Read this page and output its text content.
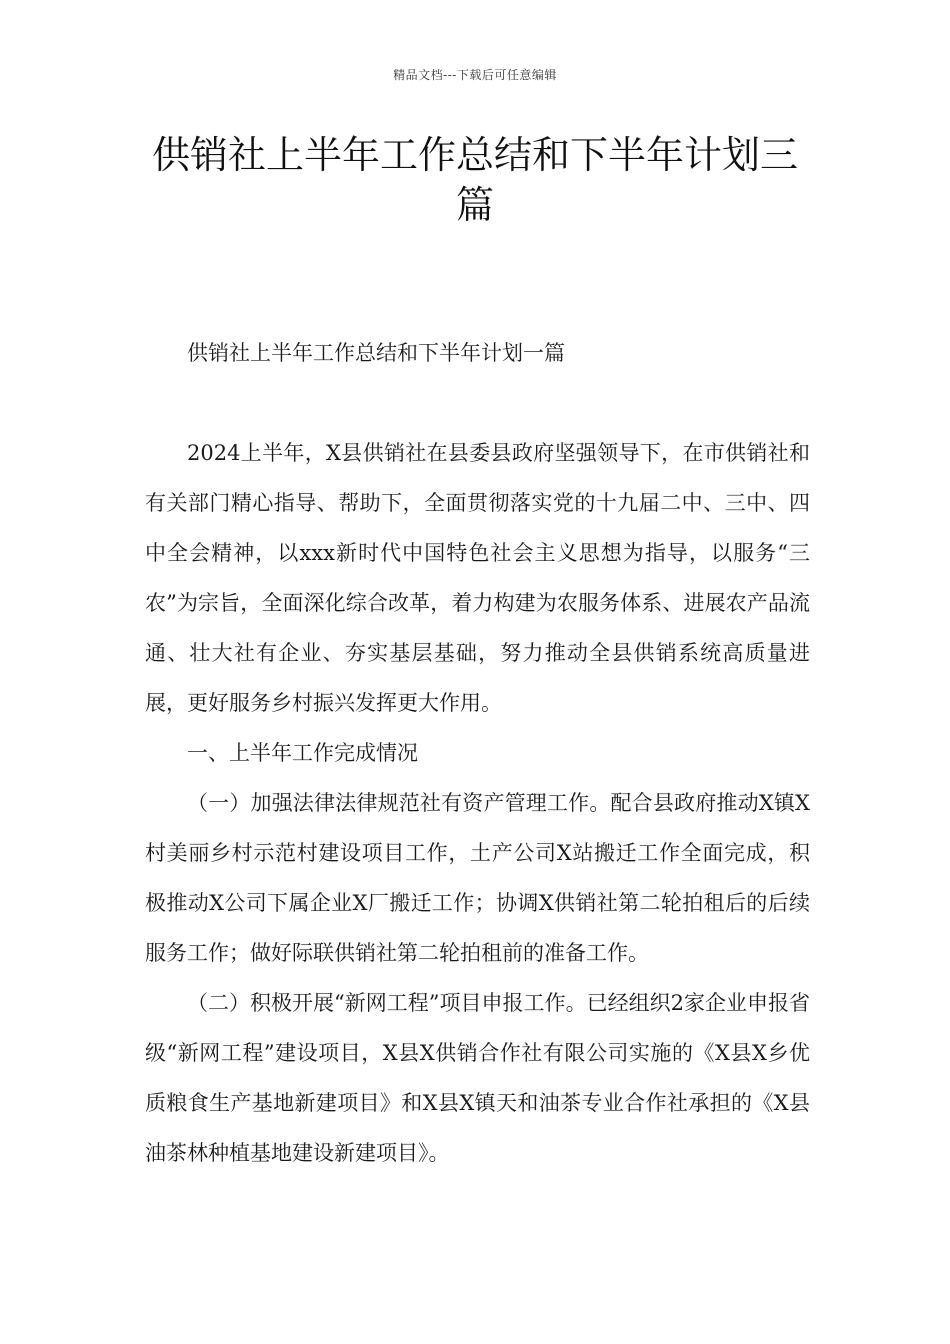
精品文档---下载后可任意编辑
供销社上半年工作总结和下半年计划三篇

供销社上半年工作总结和下半年计划一篇

2024上半年，X县供销社在县委县政府坚强领导下，在市供销社和有关部门精心指导、帮助下，全面贯彻落实党的十九届二中、三中、四中全会精神，以xxx新时代中国特色社会主义思想为指导，以服务“三农”为宗旨，全面深化综合改革，着力构建为农服务体系、进展农产品流通、壮大社有企业、夯实基层基础，努力推动全县供销系统高质量进展，更好服务乡村振兴发挥更大作用。

一、上半年工作完成情况

（一）加强法律法律规范社有资产管理工作。配合县政府推动X镇X村美丽乡村示范村建设项目工作，土产公司X站搬迁工作全面完成，积极推动X公司下属企业X厂搬迁工作；协调X供销社第二轮拍租后的后续服务工作；做好际联供销社第二轮拍租前的准备工作。

（二）积极开展“新网工程”项目申报工作。已经组织2家企业申报省级“新网工程”建设项目，X县X供销合作社有限公司实施的《X县X乡优质粮食生产基地新建项目》和X县X镇天和油茶专业合作社承担的《X县油茶林种植基地建设新建项目》。
